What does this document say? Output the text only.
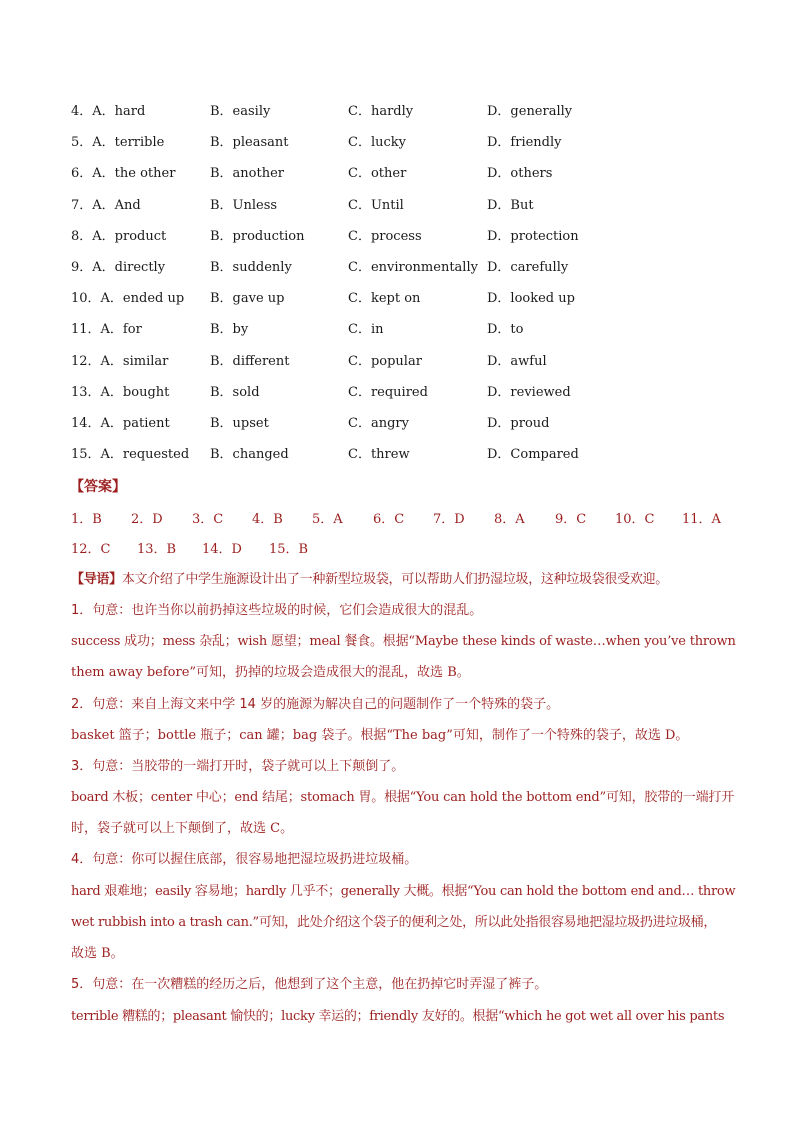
4．A．hard	B．easily	C．hardly	D．generally
5．A．terrible	B．pleasant	C．lucky	D．friendly
6．A．the other	B．another	C．other	D．others
7．A．And	B．Unless	C．Until	D．But
8．A．product	B．production	C．process	D．protection
9．A．directly	B．suddenly	C．environmentally D．carefully
10．A．ended up B．gave up	C．kept on	D．looked up
11．A．for	B．by	C．in	D．to
12．A．similar	B．different	C．popular	D．awful
13．A．bought	B．sold	C．required	D．reviewed
14．A．patient	B．upset	C．angry	D．proud
15．A．requested B．changed	C．threw	D．Compared
【答案】
1．B 2．D 3．C 4．B 5．A 6．C 7．D 8．A 9．C 10．C 11．A
12．C 13．B 14．D 15．B
【导语】本文介绍了中学生施源设计出了一种新型垃圾袋，可以帮助人们扔湿垃圾，这种垃圾袋很受欢迎。
1．句意：也许当你以前扔掉这些垃圾的时候，它们会造成很大的混乱。
success 成功；mess 杂乱；wish 愿望；meal 餐食。根据“Maybe these kinds of waste…when you’ve thrown
them away before”可知，扔掉的垃圾会造成很大的混乱，故选 B。
2．句意：来自上海文来中学 14 岁的施源为解决自己的问题制作了一个特殊的袋子。
basket 篮子；bottle 瓶子；can 罐；bag 袋子。根据“The bag”可知，制作了一个特殊的袋子，故选 D。
3．句意：当胶带的一端打开时，袋子就可以上下颠倒了。
board 木板；center 中心；end 结尾；stomach 胃。根据“You can hold the bottom end”可知，胶带的一端打开
时，袋子就可以上下颠倒了，故选 C。
4．句意：你可以握住底部，很容易地把湿垃圾扔进垃圾桶。
hard 艰难地；easily 容易地；hardly 几乎不；generally 大概。根据“You can hold the bottom end and… throw
wet rubbish into a trash can.”可知，此处介绍这个袋子的便利之处，所以此处指很容易地把湿垃圾扔进垃圾桶，
故选 B。
5．句意：在一次糟糕的经历之后，他想到了这个主意，他在扔掉它时弄湿了裤子。
terrible 糟糕的；pleasant 愉快的；lucky 幸运的；friendly 友好的。根据“which he got wet all over his pants
